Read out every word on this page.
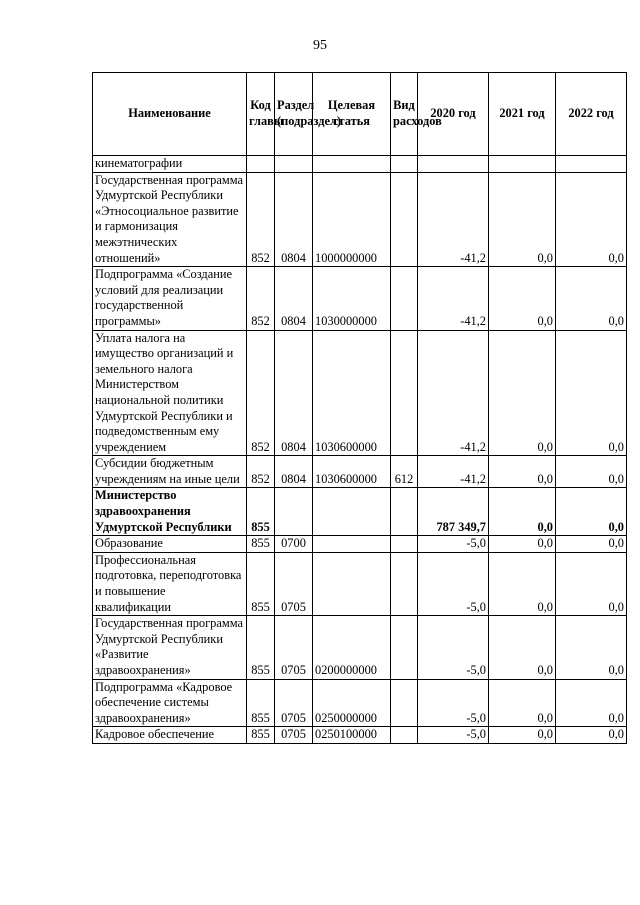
95
Наименование	Код главы	Раздел (подраздел)	Целевая статья	Вид расходов	2020 год	2021 год	2022 год
кинематографии							
Государственная программа Удмуртской Республики «Этносоциальное развитие и гармонизация межэтнических отношений»	852	0804	1000000000		-41,2	0,0	0,0
Подпрограмма «Создание условий для реализации государственной программы»	852	0804	1030000000		-41,2	0,0	0,0
Уплата налога на имущество организаций и земельного налога Министерством национальной политики Удмуртской Республики и подведомственным ему учреждением	852	0804	1030600000		-41,2	0,0	0,0
Субсидии бюджетным учреждениям на иные цели	852	0804	1030600000	612	-41,2	0,0	0,0
Министерство здравоохранения Удмуртской Республики	855				787 349,7	0,0	0,0
Образование	855	0700			-5,0	0,0	0,0
Профессиональная подготовка, переподготовка и повышение квалификации	855	0705			-5,0	0,0	0,0
Государственная программа Удмуртской Республики «Развитие здравоохранения»	855	0705	0200000000		-5,0	0,0	0,0
Подпрограмма «Кадровое обеспечение системы здравоохранения»	855	0705	0250000000		-5,0	0,0	0,0
Кадровое обеспечение	855	0705	0250100000		-5,0	0,0	0,0
